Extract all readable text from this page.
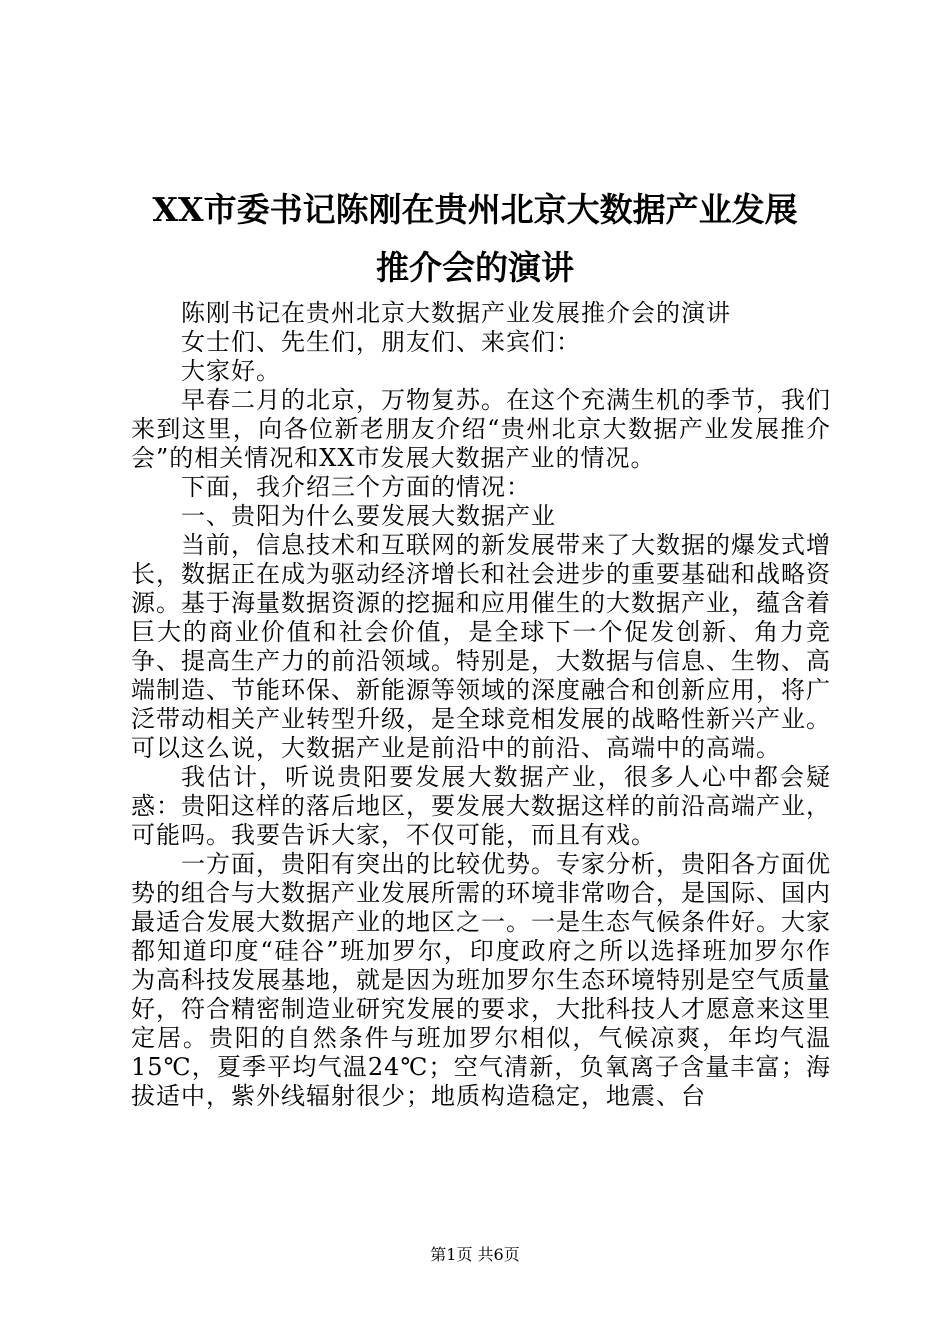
XX市委书记陈刚在贵州北京大数据产业发展
推介会的演讲

陈刚书记在贵州北京大数据产业发展推介会的演讲

女士们、先生们，朋友们、来宾们：

大家好。

早春二月的北京，万物复苏。在这个充满生机的季节，我们来到这里，向各位新老朋友介绍“贵州北京大数据产业发展推介会”的相关情况和XX市发展大数据产业的情况。

下面，我介绍三个方面的情况：

一、贵阳为什么要发展大数据产业

当前，信息技术和互联网的新发展带来了大数据的爆发式增长，数据正在成为驱动经济增长和社会进步的重要基础和战略资源。基于海量数据资源的挖掘和应用催生的大数据产业，蕴含着巨大的商业价值和社会价值，是全球下一个促发创新、角力竞争、提高生产力的前沿领域。特别是，大数据与信息、生物、高端制造、节能环保、新能源等领域的深度融合和创新应用，将广泛带动相关产业转型升级，是全球竞相发展的战略性新兴产业。可以这么说，大数据产业是前沿中的前沿、高端中的高端。

我估计，听说贵阳要发展大数据产业，很多人心中都会疑惑：贵阳这样的落后地区，要发展大数据这样的前沿高端产业，可能吗。我要告诉大家，不仅可能，而且有戏。

一方面，贵阳有突出的比较优势。专家分析，贵阳各方面优势的组合与大数据产业发展所需的环境非常吻合，是国际、国内最适合发展大数据产业的地区之一。一是生态气候条件好。大家都知道印度“硅谷”班加罗尔，印度政府之所以选择班加罗尔作为高科技发展基地，就是因为班加罗尔生态环境特别是空气质量好，符合精密制造业研究发展的要求，大批科技人才愿意来这里定居。贵阳的自然条件与班加罗尔相似，气候凉爽，年均气温15℃，夏季平均气温24℃；空气清新，负氧离子含量丰富；海拔适中，紫外线辐射很少；地质构造稳定，地震、台

第1页 共6页
